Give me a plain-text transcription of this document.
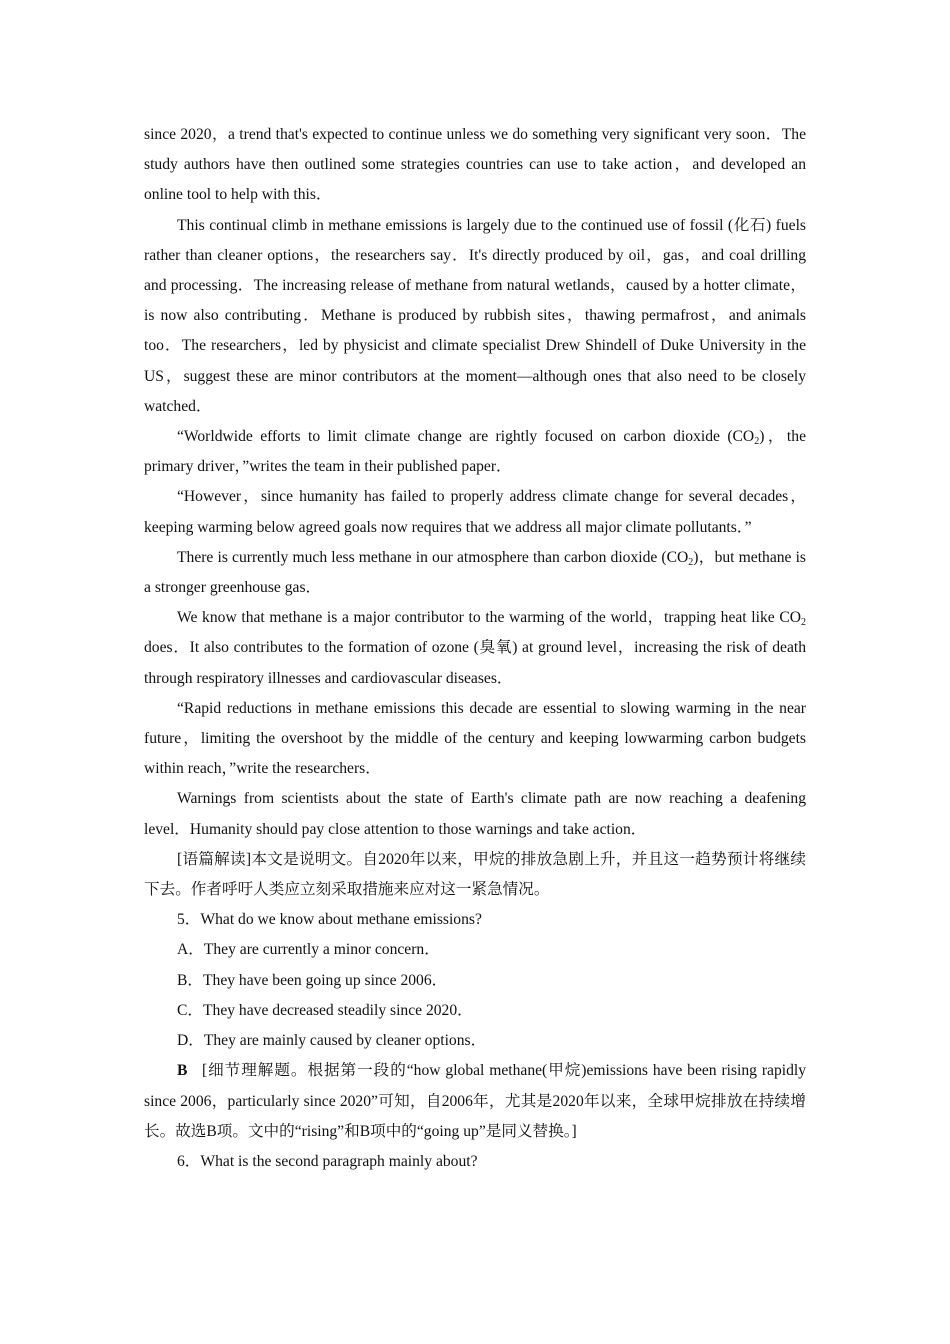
since 2020，a trend that's expected to continue unless we do something very significant very soon．The study authors have then outlined some strategies countries can use to take action，and developed an online tool to help with this．

This continual climb in methane emissions is largely due to the continued use of fossil (化石) fuels rather than cleaner options，the researchers say．It's directly produced by oil，gas，and coal drilling and processing．The increasing release of methane from natural wetlands，caused by a hotter climate，is now also contributing．Methane is produced by rubbish sites，thawing permafrost，and animals too．The researchers，led by physicist and climate specialist Drew Shindell of Duke University in the US，suggest these are minor contributors at the moment—although ones that also need to be closely watched．

“Worldwide efforts to limit climate change are rightly focused on carbon dioxide $(CO_2)$，the primary driver，”writes the team in their published paper．

“However，since humanity has failed to properly address climate change for several decades，keeping warming below agreed goals now requires that we address all major climate pollutants．”

There is currently much less methane in our atmosphere than carbon dioxide $(CO_2)$，but methane is a stronger greenhouse gas．

We know that methane is a major contributor to the warming of the world，trapping heat like $CO_2$ does．It also contributes to the formation of ozone (臭氧) at ground level，increasing the risk of death through respiratory illnesses and cardiovascular diseases．

“Rapid reductions in methane emissions this decade are essential to slowing warming in the near future，limiting the overshoot by the middle of the century and keeping lowwarming carbon budgets within reach，”write the researchers．

Warnings from scientists about the state of Earth's climate path are now reaching a deafening level．Humanity should pay close attention to those warnings and take action．

[语篇解读]本文是说明文。自2020年以来，甲烷的排放急剧上升，并且这一趋势预计将继续下去。作者呼吁人类应立刻采取措施来应对这一紧急情况。

5．What do we know about methane emissions?

A．They are currently a minor concern．

B．They have been going up since 2006．

C．They have decreased steadily since 2020．

D．They are mainly caused by cleaner options．

B [细节理解题。根据第一段的“how global methane(甲烷)emissions have been rising rapidly since 2006，particularly since 2020”可知，自2006年，尤其是2020年以来，全球甲烷排放在持续增长。故选B项。文中的“rising”和B项中的“going up”是同义替换。]

6．What is the second paragraph mainly about?
